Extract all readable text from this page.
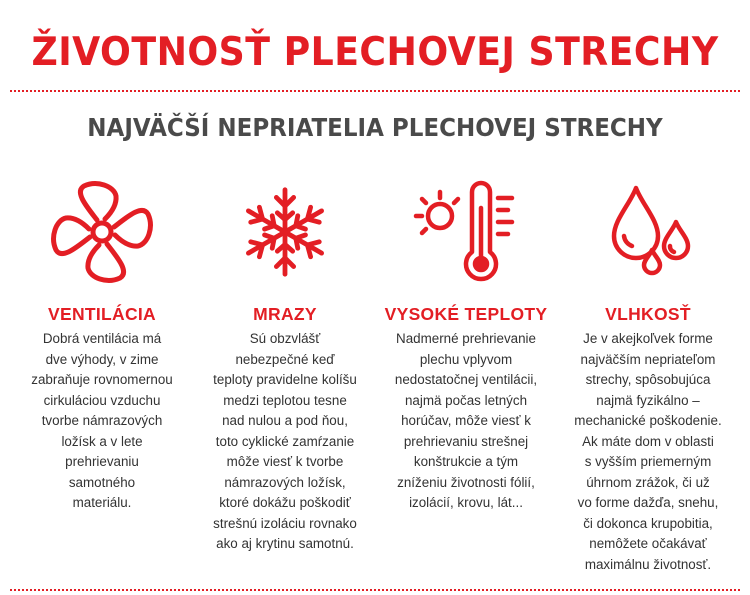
ŽIVOTNOSŤ PLECHOVEJ STRECHY
NAJVÄČŠÍ NEPRIATELIA PLECHOVEJ STRECHY
VENTILÁCIA
Dobrá ventilácia má
dve výhody, v zime
zabraňuje rovnomernou
cirkuláciou vzduchu
tvorbe námrazových
ložísk a v lete
prehrievaniu
samotného
materiálu.
MRAZY
Sú obzvlášť
nebezpečné keď
teploty pravidelne kolíšu
medzi teplotou tesne
nad nulou a pod ňou,
toto cyklické zamŕzanie
môže viesť k tvorbe
námrazových ložísk,
ktoré dokážu poškodiť
strešnú izoláciu rovnako
ako aj krytinu samotnú.
VYSOKÉ TEPLOTY
Nadmerné prehrievanie
plechu vplyvom
nedostatočnej ventilácii,
najmä počas letných
horúčav, môže viesť k
prehrievaniu strešnej
konštrukcie a tým
zníženiu životnosti fólií,
izolácií, krovu, lát...
VLHKOSŤ
Je v akejkoľvek forme
najväčším nepriateľom
strechy, spôsobujúca
najmä fyzikálno –
mechanické poškodenie.
Ak máte dom v oblasti
s vyšším priemerným
úhrnom zrážok, či už
vo forme dažďa, snehu,
či dokonca krupobitia,
nemôžete očakávať
maximálnu životnosť.
